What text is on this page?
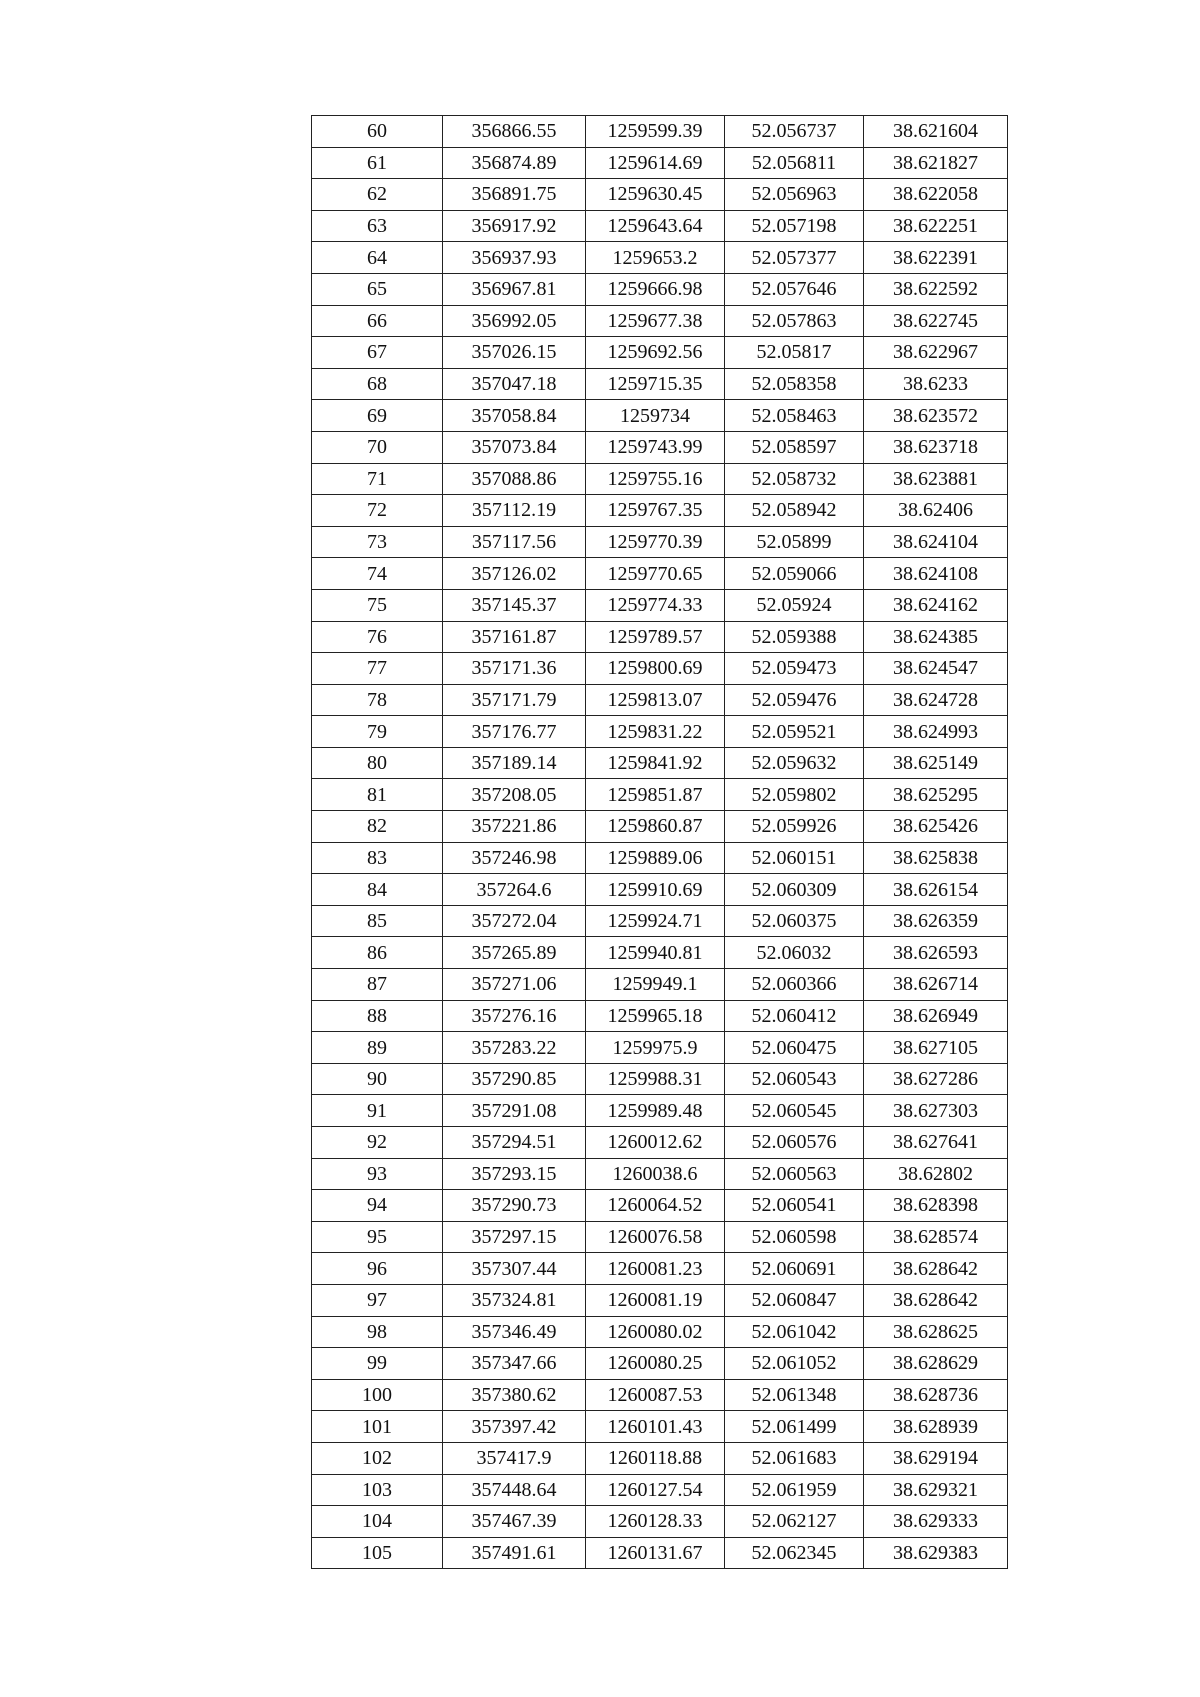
60	356866.55	1259599.39	52.056737	38.621604
61	356874.89	1259614.69	52.056811	38.621827
62	356891.75	1259630.45	52.056963	38.622058
63	356917.92	1259643.64	52.057198	38.622251
64	356937.93	1259653.2	52.057377	38.622391
65	356967.81	1259666.98	52.057646	38.622592
66	356992.05	1259677.38	52.057863	38.622745
67	357026.15	1259692.56	52.05817	38.622967
68	357047.18	1259715.35	52.058358	38.6233
69	357058.84	1259734	52.058463	38.623572
70	357073.84	1259743.99	52.058597	38.623718
71	357088.86	1259755.16	52.058732	38.623881
72	357112.19	1259767.35	52.058942	38.62406
73	357117.56	1259770.39	52.05899	38.624104
74	357126.02	1259770.65	52.059066	38.624108
75	357145.37	1259774.33	52.05924	38.624162
76	357161.87	1259789.57	52.059388	38.624385
77	357171.36	1259800.69	52.059473	38.624547
78	357171.79	1259813.07	52.059476	38.624728
79	357176.77	1259831.22	52.059521	38.624993
80	357189.14	1259841.92	52.059632	38.625149
81	357208.05	1259851.87	52.059802	38.625295
82	357221.86	1259860.87	52.059926	38.625426
83	357246.98	1259889.06	52.060151	38.625838
84	357264.6	1259910.69	52.060309	38.626154
85	357272.04	1259924.71	52.060375	38.626359
86	357265.89	1259940.81	52.06032	38.626593
87	357271.06	1259949.1	52.060366	38.626714
88	357276.16	1259965.18	52.060412	38.626949
89	357283.22	1259975.9	52.060475	38.627105
90	357290.85	1259988.31	52.060543	38.627286
91	357291.08	1259989.48	52.060545	38.627303
92	357294.51	1260012.62	52.060576	38.627641
93	357293.15	1260038.6	52.060563	38.62802
94	357290.73	1260064.52	52.060541	38.628398
95	357297.15	1260076.58	52.060598	38.628574
96	357307.44	1260081.23	52.060691	38.628642
97	357324.81	1260081.19	52.060847	38.628642
98	357346.49	1260080.02	52.061042	38.628625
99	357347.66	1260080.25	52.061052	38.628629
100	357380.62	1260087.53	52.061348	38.628736
101	357397.42	1260101.43	52.061499	38.628939
102	357417.9	1260118.88	52.061683	38.629194
103	357448.64	1260127.54	52.061959	38.629321
104	357467.39	1260128.33	52.062127	38.629333
105	357491.61	1260131.67	52.062345	38.629383
